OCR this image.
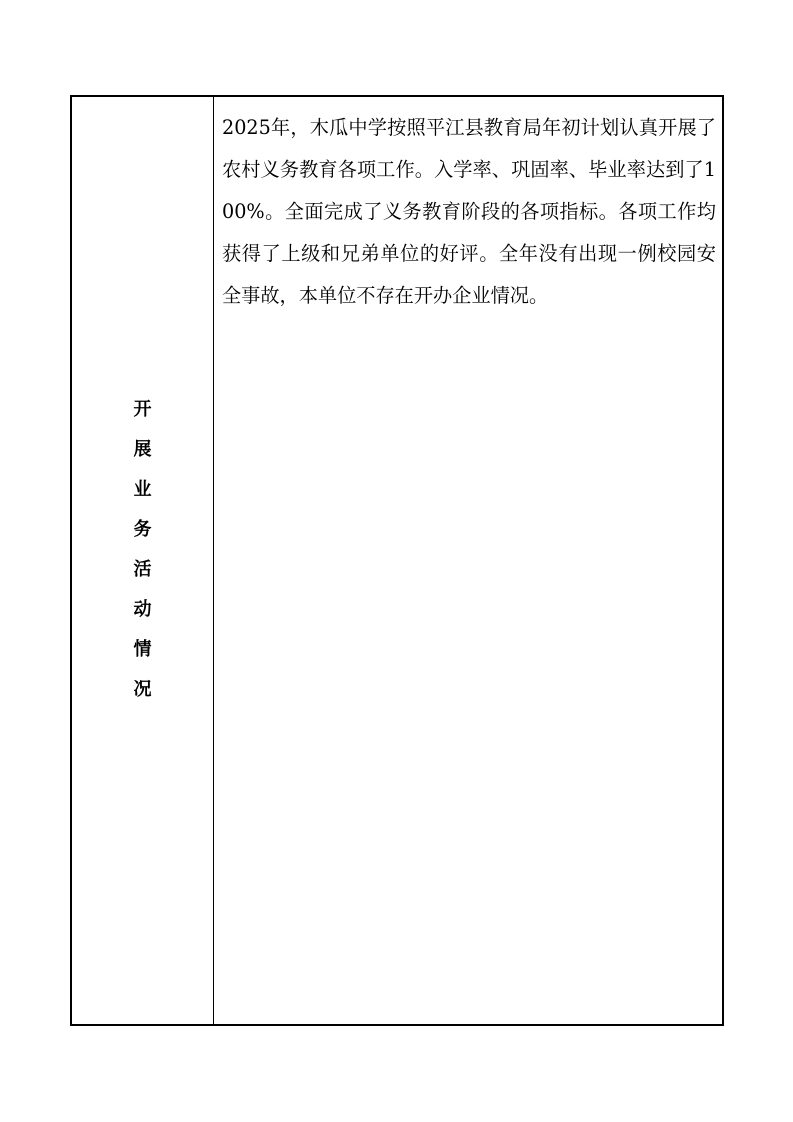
开
展
业
务
活
动
情
况

2025年，木瓜中学按照平江县教育局年初计划认真开展了农村义务教育各项工作。入学率、巩固率、毕业率达到了100%。全面完成了义务教育阶段的各项指标。各项工作均获得了上级和兄弟单位的好评。全年没有出现一例校园安全事故，本单位不存在开办企业情况。
